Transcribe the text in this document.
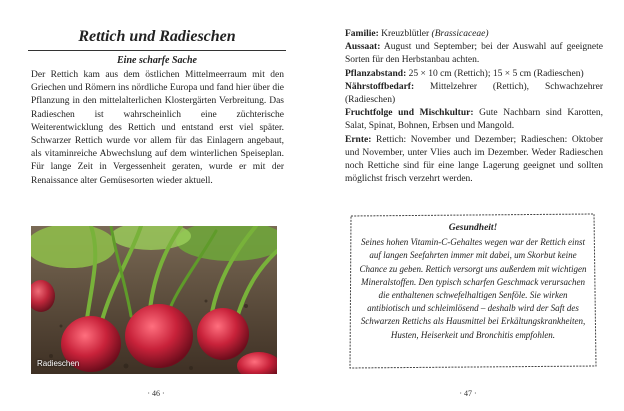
Rettich und Radieschen
Eine scharfe Sache

Der Rettich kam aus dem östlichen Mittelmeerraum mit den Griechen und Römern ins nördliche Europa und fand hier über die Pflanzung in den mittelalterlichen Klostergärten Verbreitung. Das Radieschen ist wahrscheinlich eine züchterische Weiterentwicklung des Rettich und entstand erst viel später. Schwarzer Rettich wurde vor allem für das Einlagern angebaut, als vitaminreiche Abwechslung auf dem winterlichen Speiseplan. Für lange Zeit in Vergessenheit geraten, wurde er mit der Renaissance alter Gemüsesorten wieder aktuell.

Radieschen
· 46 ·

Familie: Kreuzblütler (Brassicaceae)

Aussaat: August und September; bei der Auswahl auf geeignete Sorten für den Herbstanbau achten.

Pflanzabstand: 25 × 10 cm (Rettich); 15 × 5 cm (Radieschen)

Nährstoffbedarf: Mittelzehrer (Rettich), Schwachzehrer (Radieschen)

Fruchtfolge und Mischkultur: Gute Nachbarn sind Karotten, Salat, Spinat, Bohnen, Erbsen und Mangold.

Ernte: Rettich: November und Dezember; Radieschen: Oktober und November, unter Vlies auch im Dezember. Weder Radieschen noch Rettiche sind für eine lange Lagerung geeignet und sollten möglichst frisch verzehrt werden.

Gesundheit!
Seines hohen Vitamin-C-Gehaltes wegen war der Rettich einst auf langen Seefahrten immer mit dabei, um Skorbut keine Chance zu geben. Rettich versorgt uns außerdem mit wichtigen Mineralstoffen. Den typisch scharfen Geschmack verursachen die enthaltenen schwefelhaltigen Senföle. Sie wirken antibiotisch und schleimlösend – deshalb wird der Saft des Schwarzen Rettichs als Hausmittel bei Erkältungskrankheiten, Husten, Heiserkeit und Bronchitis empfohlen.
· 47 ·
